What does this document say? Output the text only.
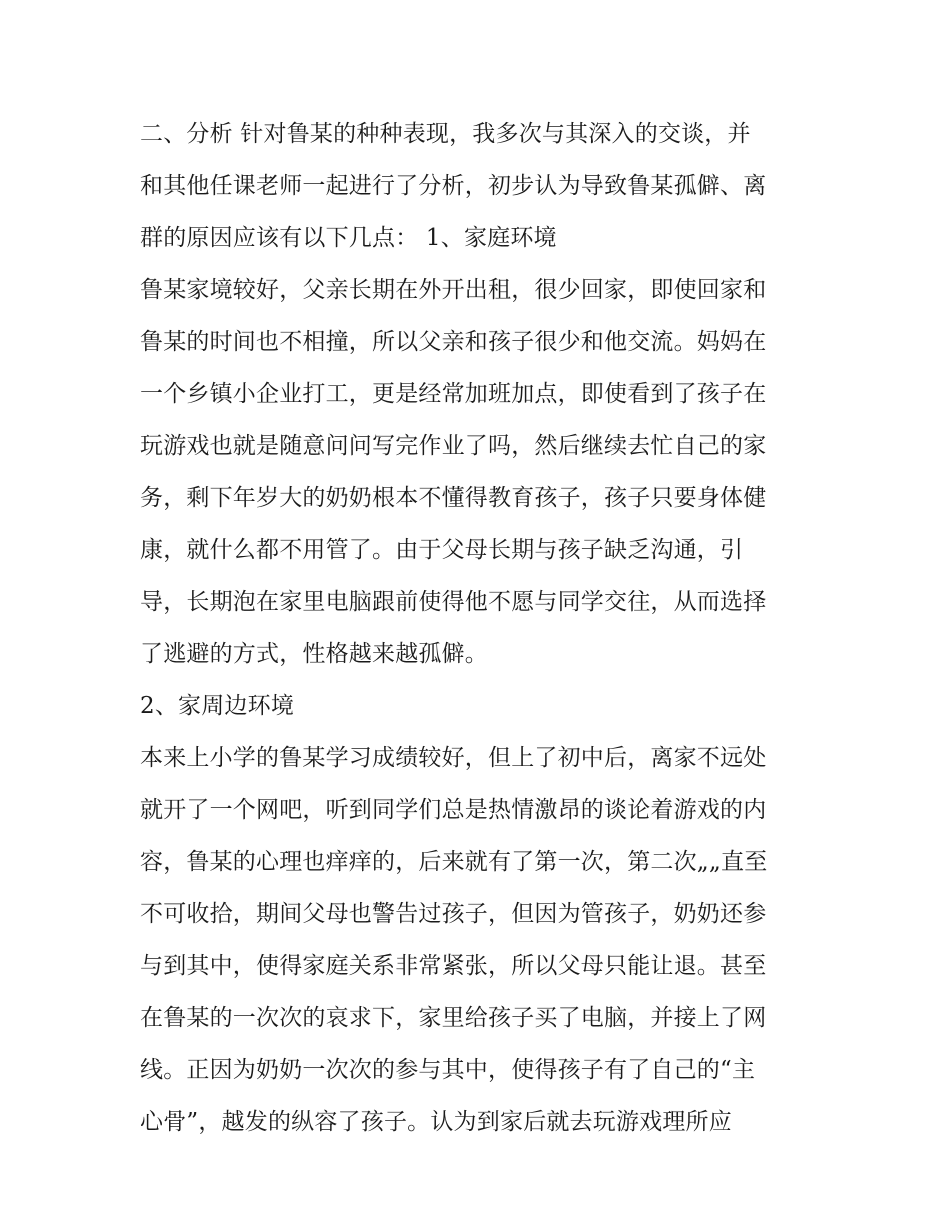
二、分析 针对鲁某的种种表现，我多次与其深入的交谈，并
和其他任课老师一起进行了分析，初步认为导致鲁某孤僻、离
群的原因应该有以下几点： 1、家庭环境
鲁某家境较好，父亲长期在外开出租，很少回家，即使回家和
鲁某的时间也不相撞，所以父亲和孩子很少和他交流。妈妈在
一个乡镇小企业打工，更是经常加班加点，即使看到了孩子在
玩游戏也就是随意问问写完作业了吗，然后继续去忙自己的家
务，剩下年岁大的奶奶根本不懂得教育孩子，孩子只要身体健
康，就什么都不用管了。由于父母长期与孩子缺乏沟通，引
导，长期泡在家里电脑跟前使得他不愿与同学交往，从而选择
了逃避的方式，性格越来越孤僻。
2、家周边环境
本来上小学的鲁某学习成绩较好，但上了初中后，离家不远处
就开了一个网吧，听到同学们总是热情激昂的谈论着游戏的内
容，鲁某的心理也痒痒的，后来就有了第一次，第二次„„直至
不可收拾，期间父母也警告过孩子，但因为管孩子，奶奶还参
与到其中，使得家庭关系非常紧张，所以父母只能让退。甚至
在鲁某的一次次的哀求下，家里给孩子买了电脑，并接上了网
线。正因为奶奶一次次的参与其中，使得孩子有了自己的“主
心骨”，越发的纵容了孩子。认为到家后就去玩游戏理所应
